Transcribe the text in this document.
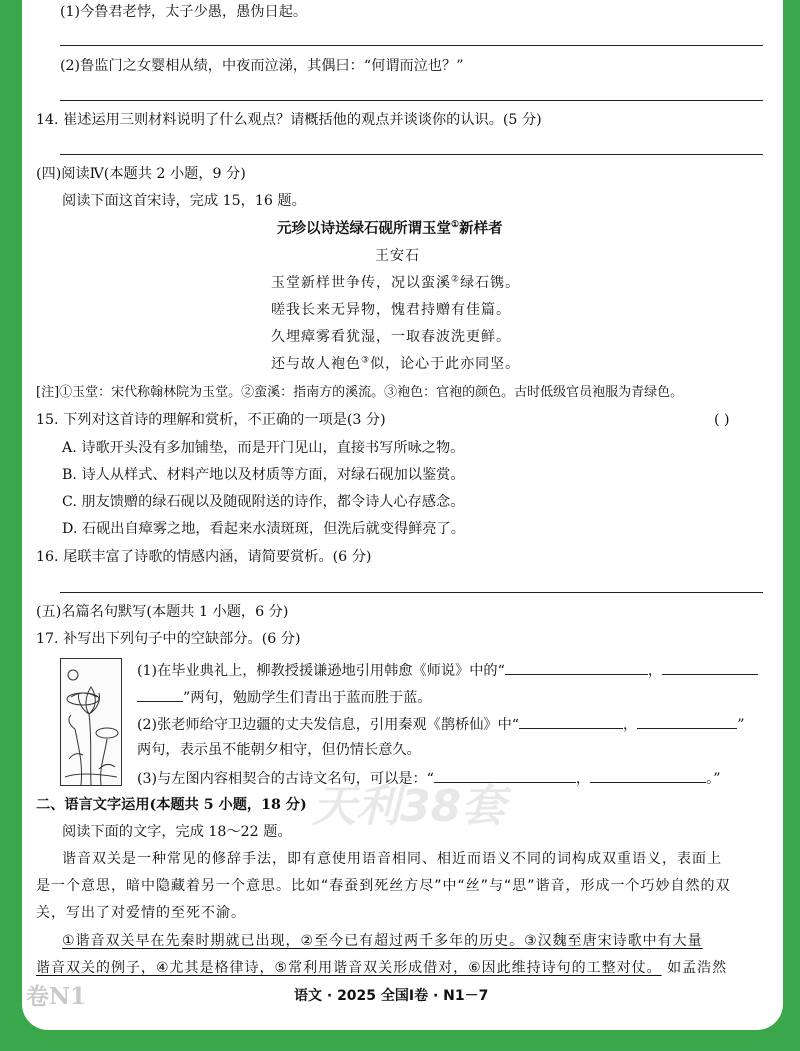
(1)今鲁君老悖，太子少愚，愚伪日起。
(2)鲁监门之女婴相从绩，中夜而泣涕，其偶曰：“何谓而泣也？”
14. 崔述运用三则材料说明了什么观点？请概括他的观点并谈谈你的认识。(5 分)
(四)阅读Ⅳ(本题共 2 小题，9 分)
阅读下面这首宋诗，完成 15，16 题。
元珍以诗送绿石砚所谓玉堂①新样者
王安石
玉堂新样世争传，况以蛮溪②绿石镌。
嗟我长来无异物，愧君持赠有佳篇。
久埋瘴雾看犹湿，一取春波洗更鲜。
还与故人袍色③似，论心于此亦同坚。
[注]①玉堂：宋代称翰林院为玉堂。②蛮溪：指南方的溪流。③袍色：官袍的颜色。古时低级官员袍服为青绿色。
15. 下列对这首诗的理解和赏析，不正确的一项是(3 分)	( )
A. 诗歌开头没有多加铺垫，而是开门见山，直接书写所咏之物。
B. 诗人从样式、材料产地以及材质等方面，对绿石砚加以鉴赏。
C. 朋友馈赠的绿石砚以及随砚附送的诗作，都令诗人心存感念。
D. 石砚出自瘴雾之地，看起来水渍斑斑，但洗后就变得鲜亮了。
16. 尾联丰富了诗歌的情感内涵，请简要赏析。(6 分)
(五)名篇名句默写(本题共 1 小题，6 分)
17. 补写出下列句子中的空缺部分。(6 分)
(1)在毕业典礼上，柳教授援谦逊地引用韩愈《师说》中的“	，
”两句，勉励学生们青出于蓝而胜于蓝。
(2)张老师给守卫边疆的丈夫发信息，引用秦观《鹊桥仙》中“	，	”
两句，表示虽不能朝夕相守，但仍情长意久。
(3)与左图内容相契合的古诗文名句，可以是：“	，	。”
天利38套
二、语言文字运用(本题共 5 小题，18 分)
阅读下面的文字，完成 18～22 题。
谐音双关是一种常见的修辞手法，即有意使用语音相同、相近而语义不同的词构成双重语义，表面上
是一个意思，暗中隐藏着另一个意思。比如“春蚕到死丝方尽”中“丝”与“思”谐音，形成一个巧妙自然的双
关，写出了对爱情的至死不渝。
①谐音双关早在先秦时期就已出现，②至今已有超过两千多年的历史。③汉魏至唐宋诗歌中有大量
谐音双关的例子，④尤其是格律诗，⑤常利用谐音双关形成借对，⑥因此维持诗句的工整对仗。 如孟浩然
卷N1	语文 · 2025 全国Ⅰ卷 · N1－7
